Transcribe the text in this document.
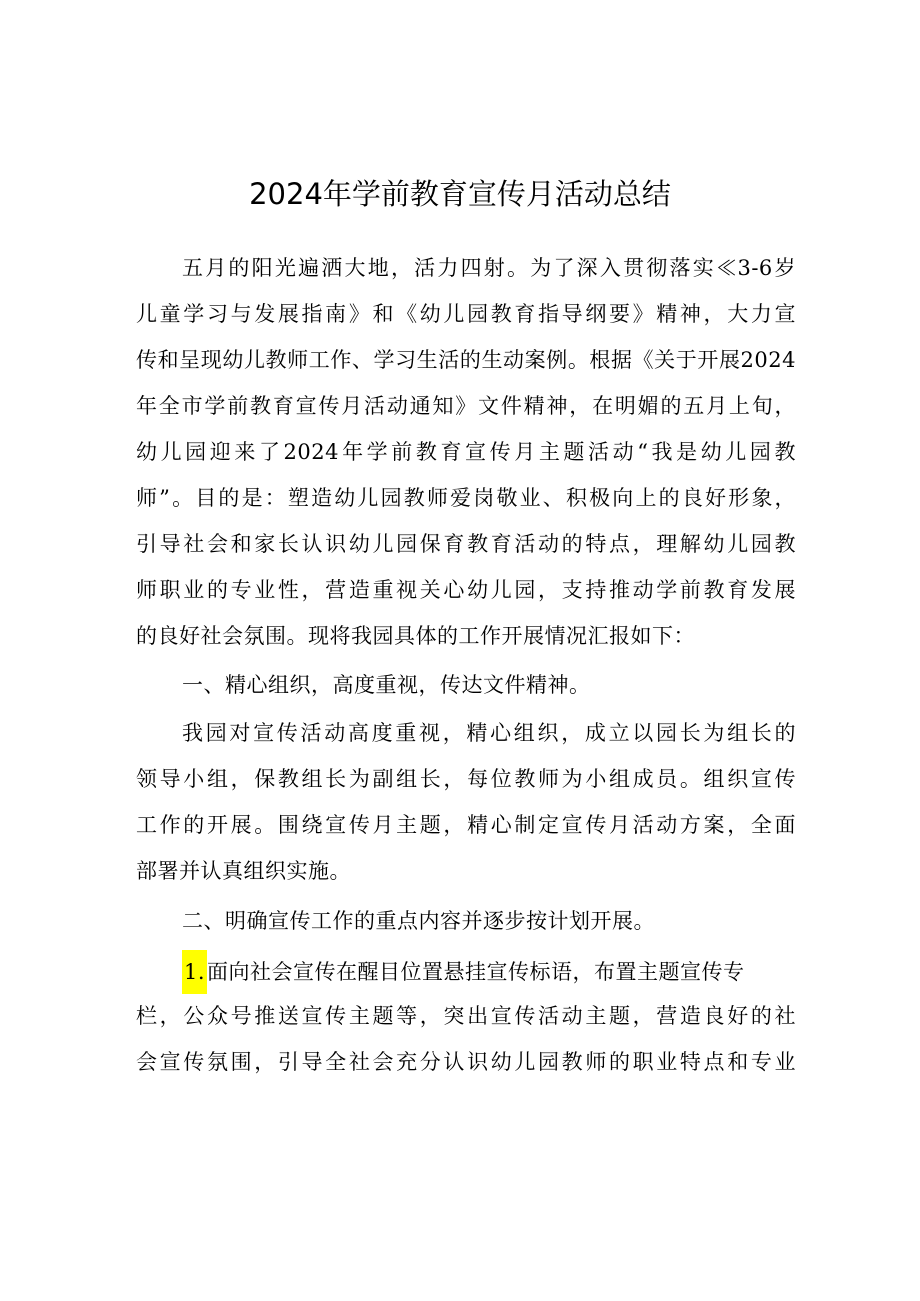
2024年学前教育宣传月活动总结
五月的阳光遍洒大地，活力四射。为了深入贯彻落实≪3-6岁
儿童学习与发展指南》和《幼儿园教育指导纲要》精神，大力宣
传和呈现幼儿教师工作、学习生活的生动案例。根据《关于开展2024
年全市学前教育宣传月活动通知》文件精神，在明媚的五月上旬，
幼儿园迎来了2024年学前教育宣传月主题活动“我是幼儿园教
师”。目的是：塑造幼儿园教师爱岗敬业、积极向上的良好形象，
引导社会和家长认识幼儿园保育教育活动的特点，理解幼儿园教
师职业的专业性，营造重视关心幼儿园，支持推动学前教育发展
的良好社会氛围。现将我园具体的工作开展情况汇报如下：
一、精心组织，高度重视，传达文件精神。
我园对宣传活动高度重视，精心组织，成立以园长为组长的
领导小组，保教组长为副组长，每位教师为小组成员。组织宣传
工作的开展。围绕宣传月主题，精心制定宣传月活动方案，全面
部署并认真组织实施。
二、明确宣传工作的重点内容并逐步按计划开展。
1.面向社会宣传在醒目位置悬挂宣传标语，布置主题宣传专
栏，公众号推送宣传主题等，突出宣传活动主题，营造良好的社
会宣传氛围，引导全社会充分认识幼儿园教师的职业特点和专业
